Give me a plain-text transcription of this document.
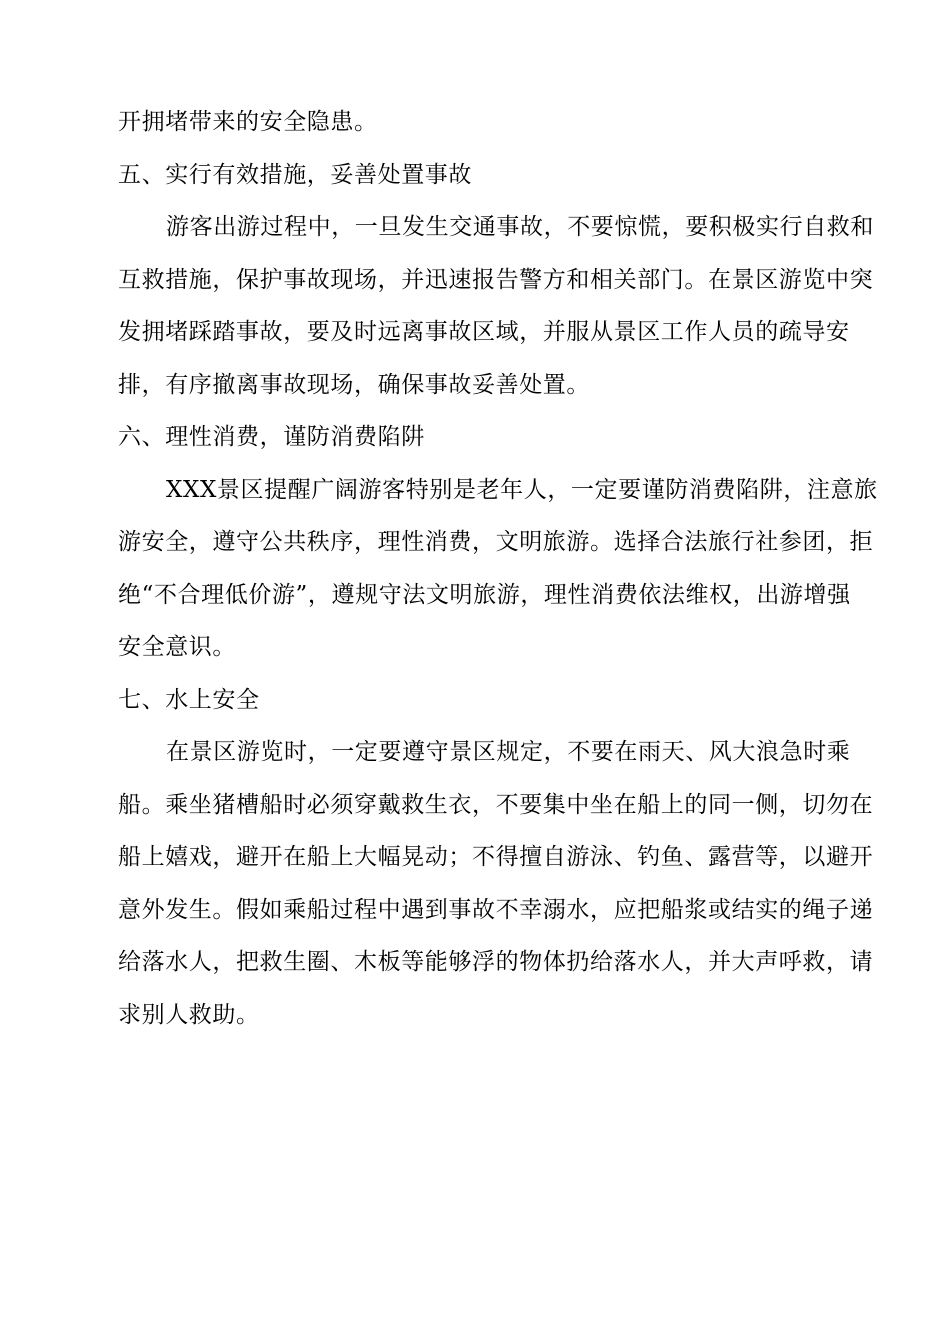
开拥堵带来的安全隐患。
五、实行有效措施，妥善处置事故
游客出游过程中，一旦发生交通事故，不要惊慌，要积极实行自救和
互救措施，保护事故现场，并迅速报告警方和相关部门。在景区游览中突
发拥堵踩踏事故，要及时远离事故区域，并服从景区工作人员的疏导安
排，有序撤离事故现场，确保事故妥善处置。
六、理性消费，谨防消费陷阱
XXX景区提醒广阔游客特别是老年人，一定要谨防消费陷阱，注意旅
游安全，遵守公共秩序，理性消费，文明旅游。选择合法旅行社参团，拒
绝“不合理低价游”，遵规守法文明旅游，理性消费依法维权，出游增强
安全意识。
七、水上安全
在景区游览时，一定要遵守景区规定，不要在雨天、风大浪急时乘
船。乘坐猪槽船时必须穿戴救生衣，不要集中坐在船上的同一侧，切勿在
船上嬉戏，避开在船上大幅晃动；不得擅自游泳、钓鱼、露营等，以避开
意外发生。假如乘船过程中遇到事故不幸溺水，应把船浆或结实的绳子递
给落水人，把救生圈、木板等能够浮的物体扔给落水人，并大声呼救，请
求别人救助。
